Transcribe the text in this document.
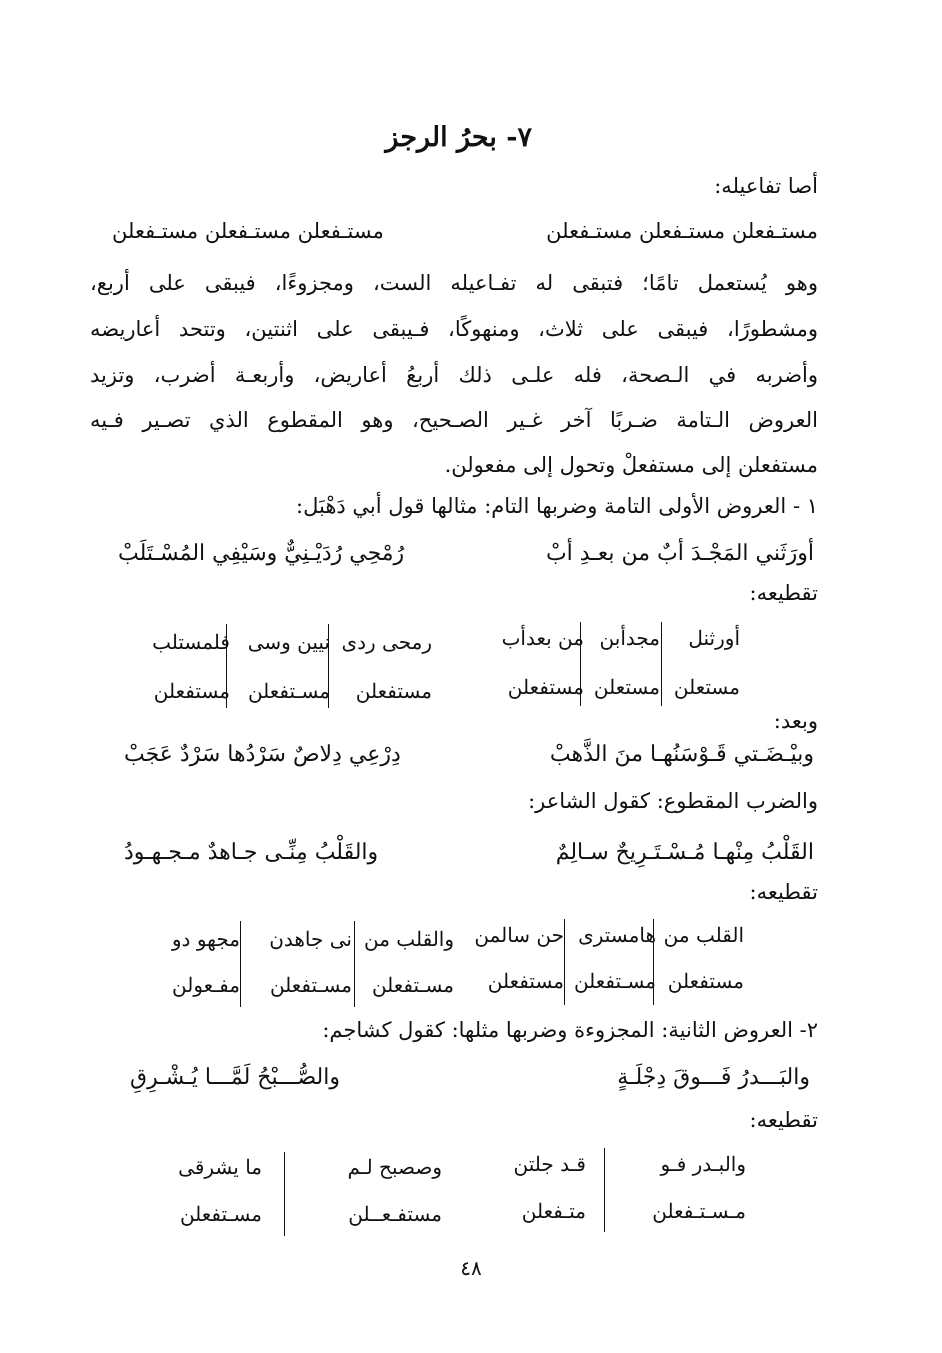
٧- بحرُ الرجز
أصا تفاعيله:
مستـفعلن مستـفعلن مستـفعلن
مستـفعلن مستـفعلن مستـفعلن
وهو يُستعمل تامًا؛ فتبقى له تفـاعيله الست، ومجزوءًا، فيبقى على أربع،
ومشطورًا، فيبقى على ثلاث، ومنهوكًا، فـيبقى على اثنتين، وتتحد أعاريضه
وأضربه في الـصحة، فله علـى ذلك أربعُ أعاريض، وأربعـة أضرب، وتزيد
العروض الـتامة ضـربًا آخر غـير الصـحيح، وهو المقطوع الذي تصـير فـيه
مستفعلن إلى مستفعلْ وتحول إلى مفعولن.
١ - العروض الأولى التامة وضربها التام: مثالها قول أبي دَهْبَل:
أورَثَني المَجْـدَ أبٌ من بعـدِ أبْ
رُمْحِي رُدَيْـنِيٌّ وسَيْفِي المُسْـتَلَبْ
تقطيعه:
أورثنل
مجدأبن
من بعدأب
رمحى ردى
نيين وسى
فلمستلب
مستعلن
مستعلن
مستفعلن
مستفعلن
مسـتفعلن
مستفعلن
وبعد:
وبيْـضَـتي قَـوْسَنُهـا منَ الذَّهبْ
دِرْعِي دِلاصٌ سَرْدُها سَرْدٌ عَجَبْ
والضرب المقطوع: كقول الشاعر:
القَلْبُ مِنْهـا مُـسْـتَـرِيحٌ سـالِمٌ
والقَلْبُ مِنِّـى جـاهدٌ مـجـهـودُ
تقطيعه:
القلب من
هامسترى
حن سالمن
والقلب من
نى جاهدن
مجهو دو
مستفعلن
مسـتفعلن
مستفعلن
مسـتفعلن
مسـتفعلن
مفـعولن
٢- العروض الثانية: المجزوءة وضربها مثلها: كقول كشاجم:
والبَـــدرُ فَـــوقَ دِجْلَـةٍ
والصُّـــبْحُ لَمَّـــا يُـشْـرِقِ
تقطيعه:
والبـدر فـو
قـد جلتن
وصصبح لـم
ما يشرقى
مـسـتـفعلن
متـفعلن
مستفـعــلن
مسـتفعلن
٤٨
